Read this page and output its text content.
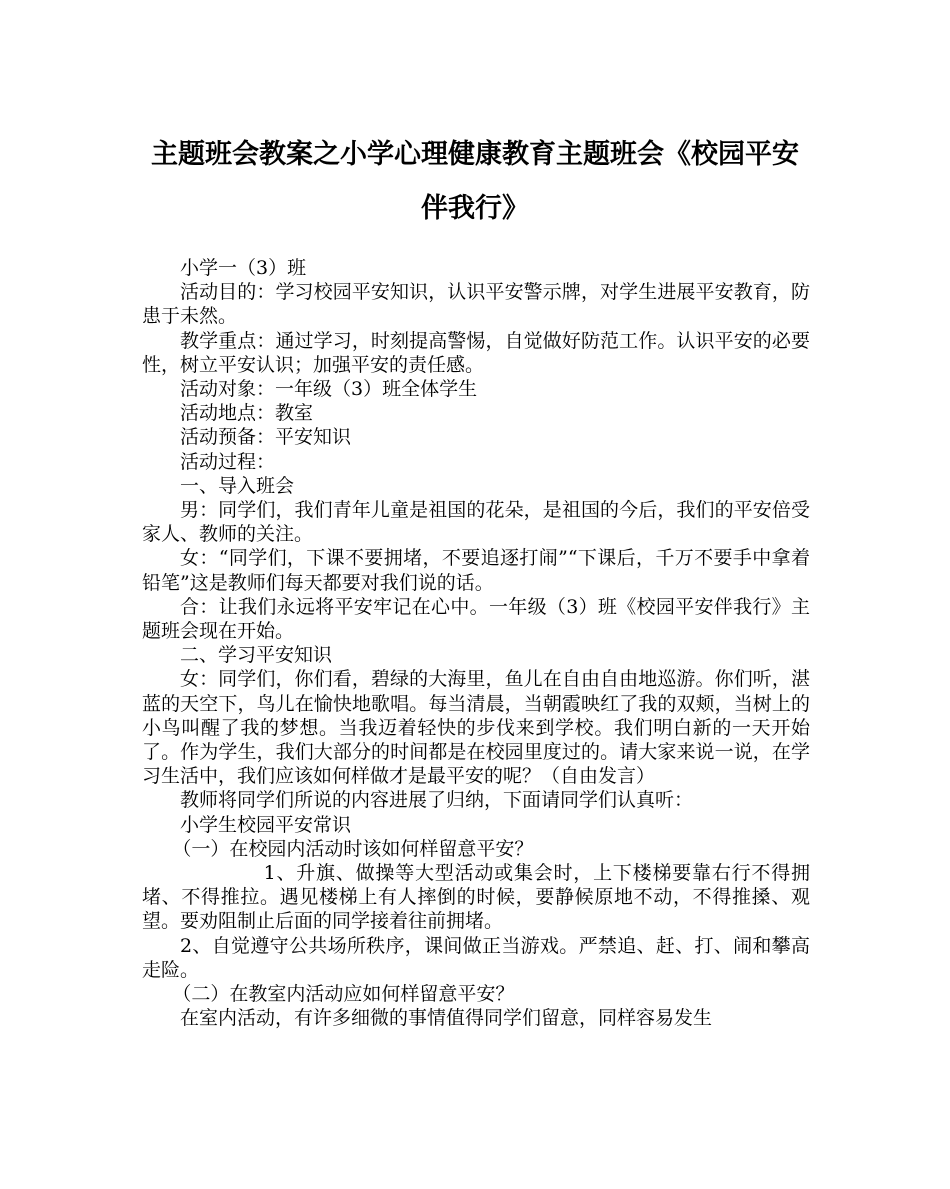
主题班会教案之小学心理健康教育主题班会《校园平安
伴我行》

小学一（3）班

活动目的：学习校园平安知识，认识平安警示牌，对学生进展平安教育，防患于未然。

教学重点：通过学习，时刻提高警惕，自觉做好防范工作。认识平安的必要性，树立平安认识；加强平安的责任感。

活动对象：一年级（3）班全体学生

活动地点：教室

活动预备：平安知识

活动过程：

一、导入班会

男：同学们，我们青年儿童是祖国的花朵，是祖国的今后，我们的平安倍受家人、教师的关注。

女：“同学们，下课不要拥堵，不要追逐打闹”“下课后，千万不要手中拿着铅笔”这是教师们每天都要对我们说的话。

合：让我们永远将平安牢记在心中。一年级（3）班《校园平安伴我行》主题班会现在开始。

二、学习平安知识

女：同学们，你们看，碧绿的大海里，鱼儿在自由自由地巡游。你们听，湛蓝的天空下，鸟儿在愉快地歌唱。每当清晨，当朝霞映红了我的双颊，当树上的小鸟叫醒了我的梦想。当我迈着轻快的步伐来到学校。我们明白新的一天开始了。作为学生，我们大部分的时间都是在校园里度过的。请大家来说一说，在学习生活中，我们应该如何样做才是最平安的呢？（自由发言）

教师将同学们所说的内容进展了归纳，下面请同学们认真听：

小学生校园平安常识

（一）在校园内活动时该如何样留意平安？

1、升旗、做操等大型活动或集会时，上下楼梯要靠右行不得拥堵、不得推拉。遇见楼梯上有人摔倒的时候，要静候原地不动，不得推搡、观望。要劝阻制止后面的同学接着往前拥堵。

2、自觉遵守公共场所秩序，课间做正当游戏。严禁追、赶、打、闹和攀高走险。

（二）在教室内活动应如何样留意平安？

在室内活动，有许多细微的事情值得同学们留意，同样容易发生
